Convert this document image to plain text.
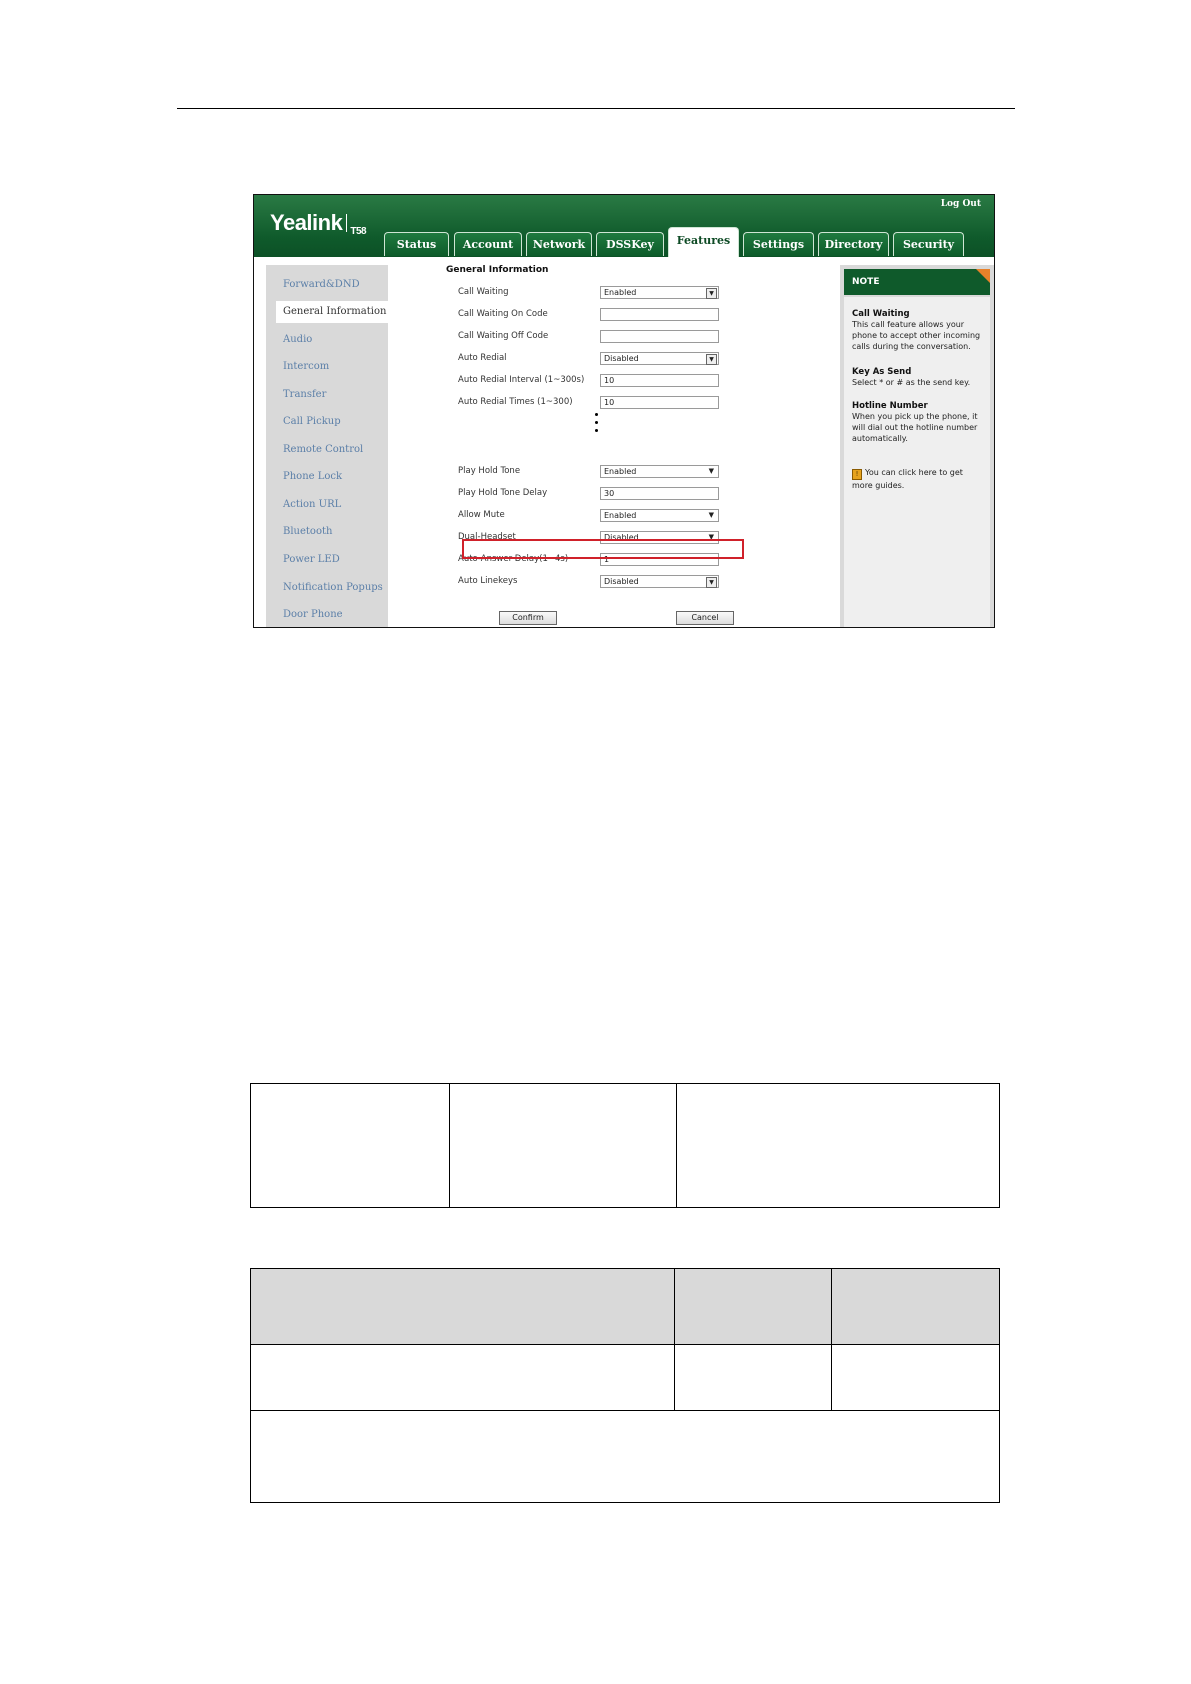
Yealink T58
Log Out
Status	Account	Network	DSSKey	Features	Settings	Directory	Security
Forward&DND
General Information
Audio
Intercom
Transfer
Call Pickup
Remote Control
Phone Lock
Action URL
Bluetooth
Power LED
Notification Popups
Door Phone
General Information
Call Waiting	Enabled	▼
Call Waiting On Code
Call Waiting Off Code
Auto Redial	Disabled	▼
Auto Redial Interval (1~300s)	10
Auto Redial Times (1~300)	10
Play Hold Tone	Enabled	▼
Play Hold Tone Delay	30
Allow Mute	Enabled	▼
Dual-Headset	Disabled	▼
Auto-Answer Delay(1~4s)	1
Auto Linekeys	Disabled	▼
Confirm	Cancel
NOTE
Call Waiting
This call feature allows your phone to accept other incoming calls during the conversation.
Key As Send
Select * or # as the send key.
Hotline Number
When you pick up the phone, it will dial out the hotline number automatically.
! You can click here to get more guides.
